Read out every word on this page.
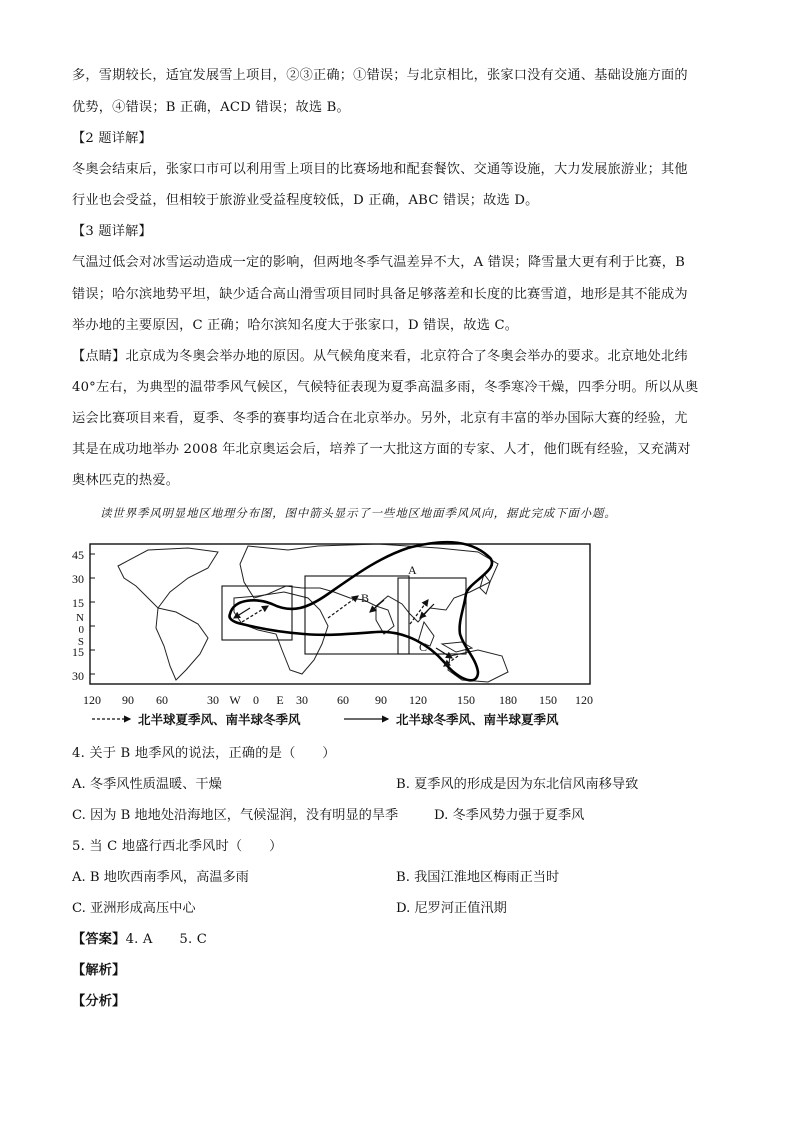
多，雪期较长，适宜发展雪上项目，②③正确；①错误；与北京相比，张家口没有交通、基础设施方面的
优势，④错误；B 正确，ACD 错误；故选 B。
【2 题详解】
冬奥会结束后，张家口市可以利用雪上项目的比赛场地和配套餐饮、交通等设施，大力发展旅游业；其他
行业也会受益，但相较于旅游业受益程度较低，D 正确，ABC 错误；故选 D。
【3 题详解】
气温过低会对冰雪运动造成一定的影响，但两地冬季气温差异不大，A 错误；降雪量大更有利于比赛，B
错误；哈尔滨地势平坦，缺少适合高山滑雪项目同时具备足够落差和长度的比赛雪道，地形是其不能成为
举办地的主要原因，C 正确；哈尔滨知名度大于张家口，D 错误，故选 C。
【点睛】北京成为冬奥会举办地的原因。从气候角度来看，北京符合了冬奥会举办的要求。北京地处北纬
40°左右，为典型的温带季风气候区，气候特征表现为夏季高温多雨，冬季寒冷干燥，四季分明。所以从奥
运会比赛项目来看，夏季、冬季的赛事均适合在北京举办。另外，北京有丰富的举办国际大赛的经验，尤
其是在成功地举办 2008 年北京奥运会后，培养了一大批这方面的专家、人才，他们既有经验，又充满对
奥林匹克的热爱。
读世界季风明显地区地理分布图，图中箭头显示了一些地区地面季风风向，据此完成下面小题。
45
30
15
15
30
N
0
S
A
B
C
120 90 60	30 W 0 E 30 60 90 120	150 180 150 120
北半球夏季风、南半球冬季风	北半球冬季风、南半球夏季风
4. 关于 B 地季风的说法，正确的是（　　）
A. 冬季风性质温暖、干燥	B. 夏季风的形成是因为东北信风南移导致
C. 因为 B 地地处沿海地区，气候湿润，没有明显的旱季	D. 冬季风势力强于夏季风
5. 当 C 地盛行西北季风时（　　）
A. B 地吹西南季风，高温多雨	B. 我国江淮地区梅雨正当时
C. 亚洲形成高压中心	D. 尼罗河正值汛期
【答案】4. A　　5. C
【解析】
【分析】
